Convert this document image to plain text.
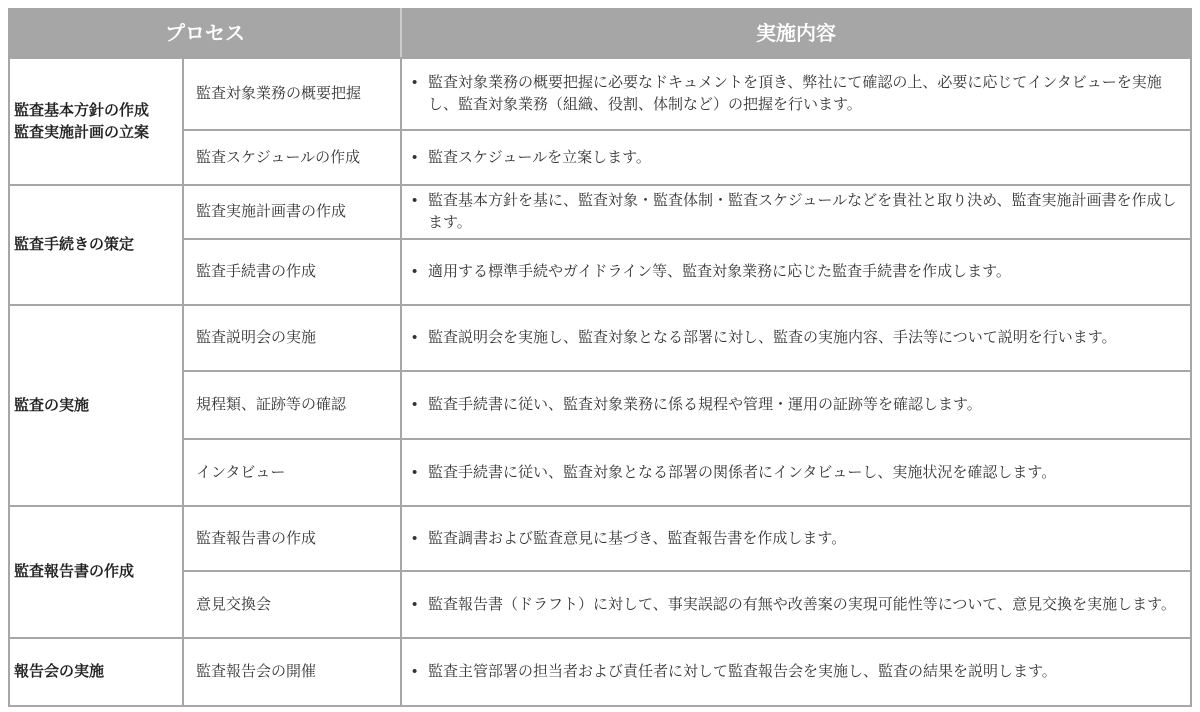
プロセス		実施内容

監査基本方針の作成
監査実施計画の立案	監査対象業務の概要把握	• 監査対象業務の概要把握に必要なドキュメントを頂き、弊社にて確認の上、必要に応じてインタビューを実施し、監査対象業務（組織、役割、体制など）の把握を行います。
	監査スケジュールの作成	• 監査スケジュールを立案します。

監査手続きの策定	監査実施計画書の作成	• 監査基本方針を基に、監査対象・監査体制・監査スケジュールなどを貴社と取り決め、監査実施計画書を作成します。
	監査手続書の作成	• 適用する標準手続やガイドライン等、監査対象業務に応じた監査手続書を作成します。

監査の実施	監査説明会の実施	• 監査説明会を実施し、監査対象となる部署に対し、監査の実施内容、手法等について説明を行います。
	規程類、証跡等の確認	• 監査手続書に従い、監査対象業務に係る規程や管理・運用の証跡等を確認します。
	インタビュー	• 監査手続書に従い、監査対象となる部署の関係者にインタビューし、実施状況を確認します。

監査報告書の作成	監査報告書の作成	• 監査調書および監査意見に基づき、監査報告書を作成します。
	意見交換会	• 監査報告書（ドラフト）に対して、事実誤認の有無や改善案の実現可能性等について、意見交換を実施します。

報告会の実施	監査報告会の開催	• 監査主管部署の担当者および責任者に対して監査報告会を実施し、監査の結果を説明します。
